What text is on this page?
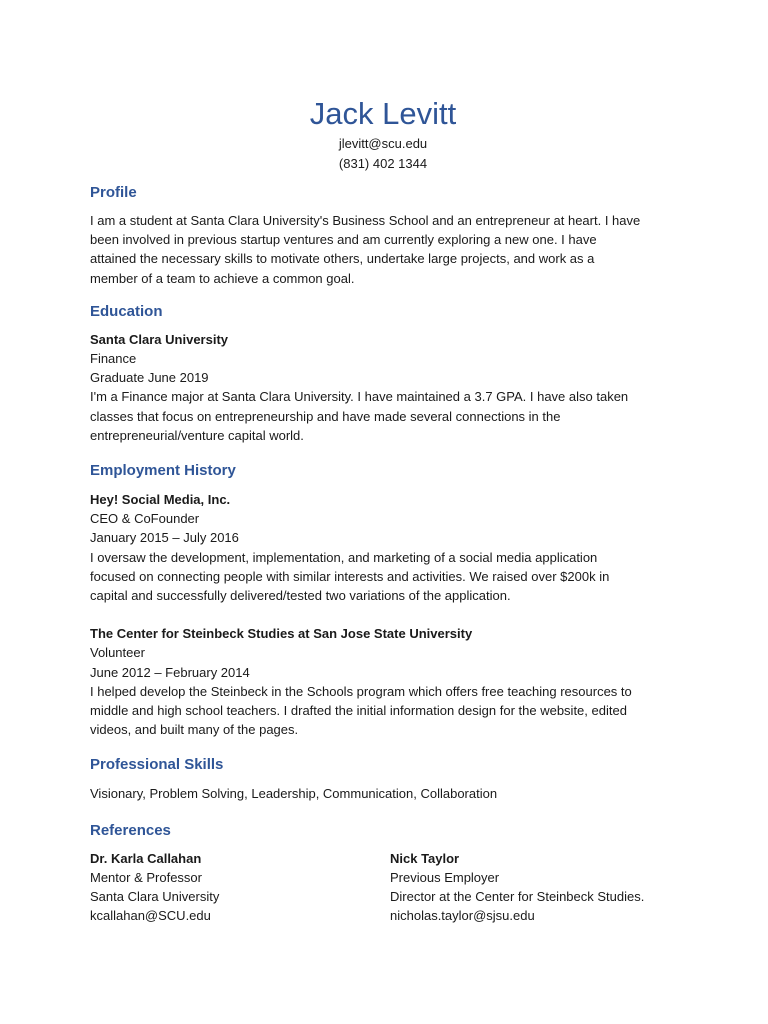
Jack Levitt

jlevitt@scu.edu

(831) 402 1344

Profile

I am a student at Santa Clara University's Business School and an entrepreneur at heart. I have

been involved in previous startup ventures and am currently exploring a new one. I have

attained the necessary skills to motivate others, undertake large projects, and work as a

member of a team to achieve a common goal.

Education

Santa Clara University

Finance

Graduate June 2019

I'm a Finance major at Santa Clara University. I have maintained a 3.7 GPA. I have also taken

classes that focus on entrepreneurship and have made several connections in the

entrepreneurial/venture capital world.

Employment History

Hey! Social Media, Inc.

CEO & CoFounder

January 2015 – July 2016

I oversaw the development, implementation, and marketing of a social media application

focused on connecting people with similar interests and activities. We raised over $200k in

capital and successfully delivered/tested two variations of the application.

The Center for Steinbeck Studies at San Jose State University

Volunteer

June 2012 – February 2014

I helped develop the Steinbeck in the Schools program which offers free teaching resources to

middle and high school teachers. I drafted the initial information design for the website, edited

videos, and built many of the pages.

Professional Skills

Visionary, Problem Solving, Leadership, Communication, Collaboration

References

Dr. Karla Callahan

Mentor & Professor

Santa Clara University

kcallahan@SCU.edu

Nick Taylor

Previous Employer

Director at the Center for Steinbeck Studies.

nicholas.taylor@sjsu.edu
